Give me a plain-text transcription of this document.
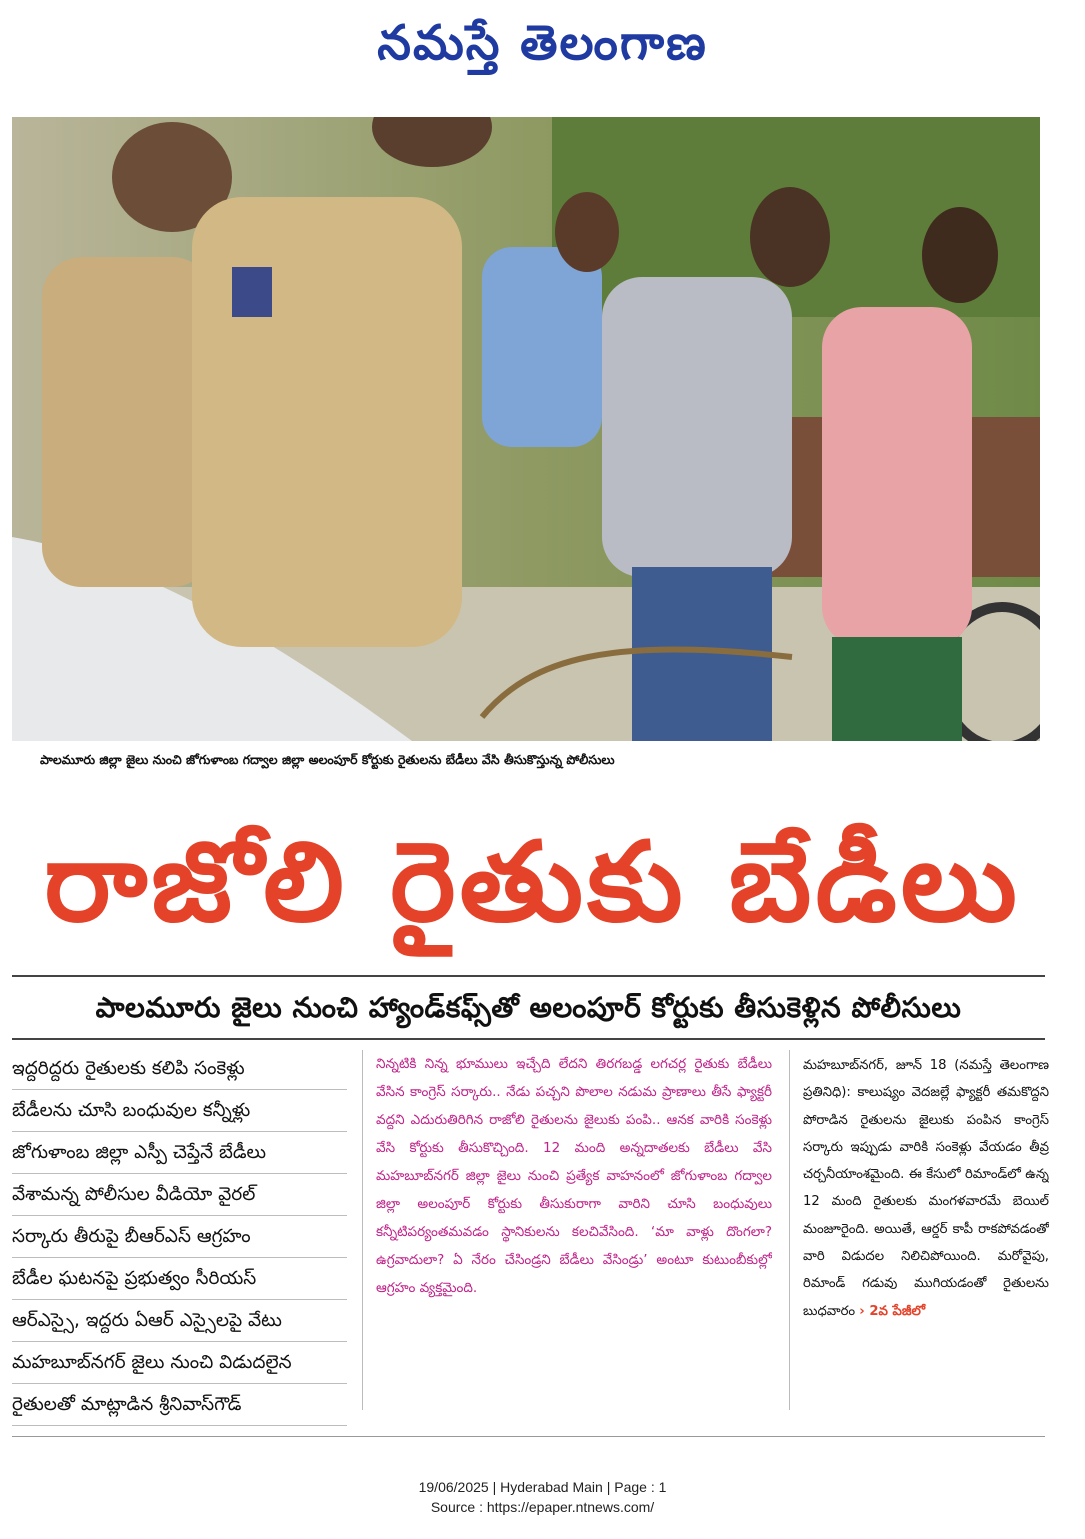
నమస్తే తెలంగాణ
పాలమూరు జిల్లా జైలు నుంచి జోగుళాంబ గద్వాల జిల్లా అలంపూర్‌ కోర్టుకు రైతులను బేడీలు వేసి తీసుకొస్తున్న పోలీసులు
రాజోలి రైతుకు బేడీలు
పాలమూరు జైలు నుంచి హ్యాండ్‌కఫ్స్‌తో అలంపూర్‌ కోర్టుకు తీసుకెళ్లిన పోలీసులు
ఇద్దరిద్దరు రైతులకు కలిపి సంకెళ్లు
బేడీలను చూసి బంధువుల కన్నీళ్లు
జోగుళాంబ జిల్లా ఎస్పీ చెప్తేనే బేడీలు
వేశామన్న పోలీసుల వీడియో వైరల్‌
సర్కారు తీరుపై బీఆర్‌ఎస్‌ ఆగ్రహం
బేడీల ఘటనపై ప్రభుత్వం సీరియస్‌
ఆర్‌ఎస్సై, ఇద్దరు ఏఆర్‌ ఎస్సైలపై వేటు
మహబూబ్‌నగర్‌ జైలు నుంచి విడుదలైన
రైతులతో మాట్లాడిన శ్రీనివాస్‌గౌడ్‌
నిన్నటికి నిన్న భూములు ఇచ్చేది లేదని తిరగబడ్డ లగచర్ల రైతుకు బేడీలు వేసిన కాంగ్రెస్‌ సర్కారు.. నేడు పచ్చని పొలాల నడుమ ప్రాణాలు తీసే ఫ్యాక్టరీ వద్దని ఎదురుతిరిగిన రాజోలి రైతులను జైలుకు పంపి.. ఆనక వారికి సంకెళ్లు వేసి కోర్టుకు తీసుకొచ్చింది. 12 మంది అన్నదాతలకు బేడీలు వేసి మహబూబ్‌నగర్‌ జిల్లా జైలు నుంచి ప్రత్యేక వాహనంలో జోగుళాంబ గద్వాల జిల్లా అలంపూర్‌ కోర్టుకు తీసుకురాగా వారిని చూసి బంధువులు కన్నీటిపర్యంతమవడం స్థానికులను కలచివేసింది. ‘మా వాళ్లు దొంగలా? ఉగ్రవాదులా? ఏ నేరం చేసిండ్రని బేడీలు వేసిండ్రు’ అంటూ కుటుంబీకుల్లో ఆగ్రహం వ్యక్తమైంది.
మహబూబ్‌నగర్‌, జూన్‌ 18 (నమస్తే తెలంగాణ ప్రతినిధి): కాలుష్యం వెదజల్లే ఫ్యాక్టరీ తమకొద్దని పోరాడిన రైతులను జైలుకు పంపిన కాంగ్రెస్‌ సర్కారు ఇప్పుడు వారికి సంకెళ్లు వేయడం తీవ్ర చర్చనీయాంశమైంది. ఈ కేసులో రిమాండ్‌లో ఉన్న 12 మంది రైతులకు మంగళవారమే బెయిల్‌ మంజూరైంది. అయితే, ఆర్డర్‌ కాపీ రాకపోవడంతో వారి విడుదల నిలిచిపోయింది. మరోవైపు, రిమాండ్‌ గడువు ముగియడంతో రైతులను బుధవారం › 2వ పేజీలో
19/06/2025 | Hyderabad Main | Page : 1
Source : https://epaper.ntnews.com/
